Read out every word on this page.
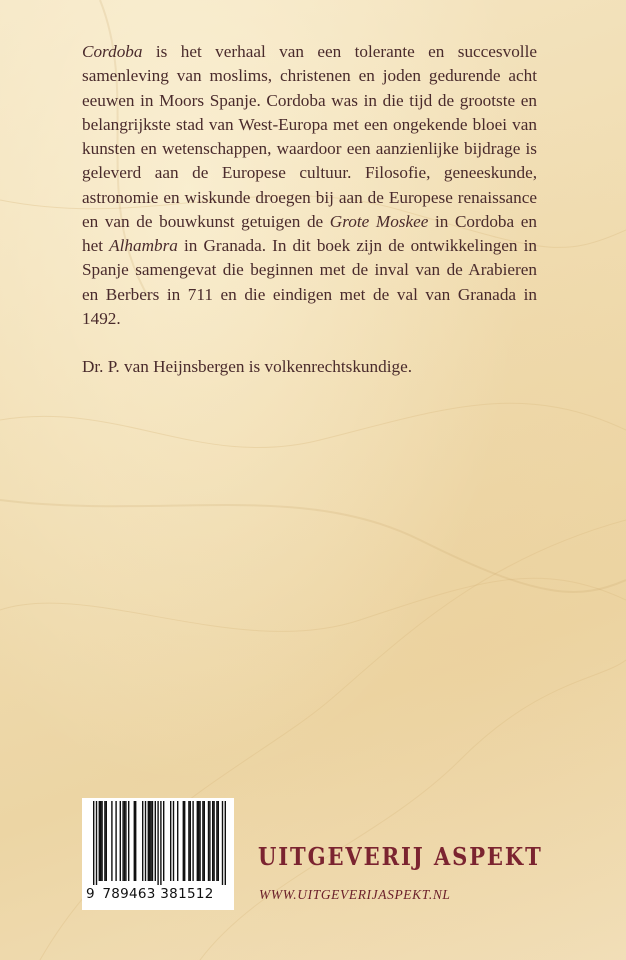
Cordoba is het verhaal van een tolerante en succesvolle samenleving van moslims, christenen en joden gedurende acht eeuwen in Moors Spanje. Cordoba was in die tijd de grootste en belangrijkste stad van West-Europa met een ongekende bloei van kunsten en wetenschappen, waardoor een aanzienlijke bijdrage is geleverd aan de Europese cultuur. Filosofie, geneeskunde, astronomie en wiskunde droegen bij aan de Europese renaissance en van de bouwkunst getuigen de Grote Moskee in Cordoba en het Alhambra in Granada. In dit boek zijn de ontwikkelingen in Spanje samengevat die beginnen met de inval van de Arabieren en Berbers in 711 en die eindigen met de val van Granada in 1492.

Dr. P. van Heijnsbergen is volkenrechtskundige.

9 789463 381512
UITGEVERIJ ASPEKT
WWW.UITGEVERIJASPEKT.NL
